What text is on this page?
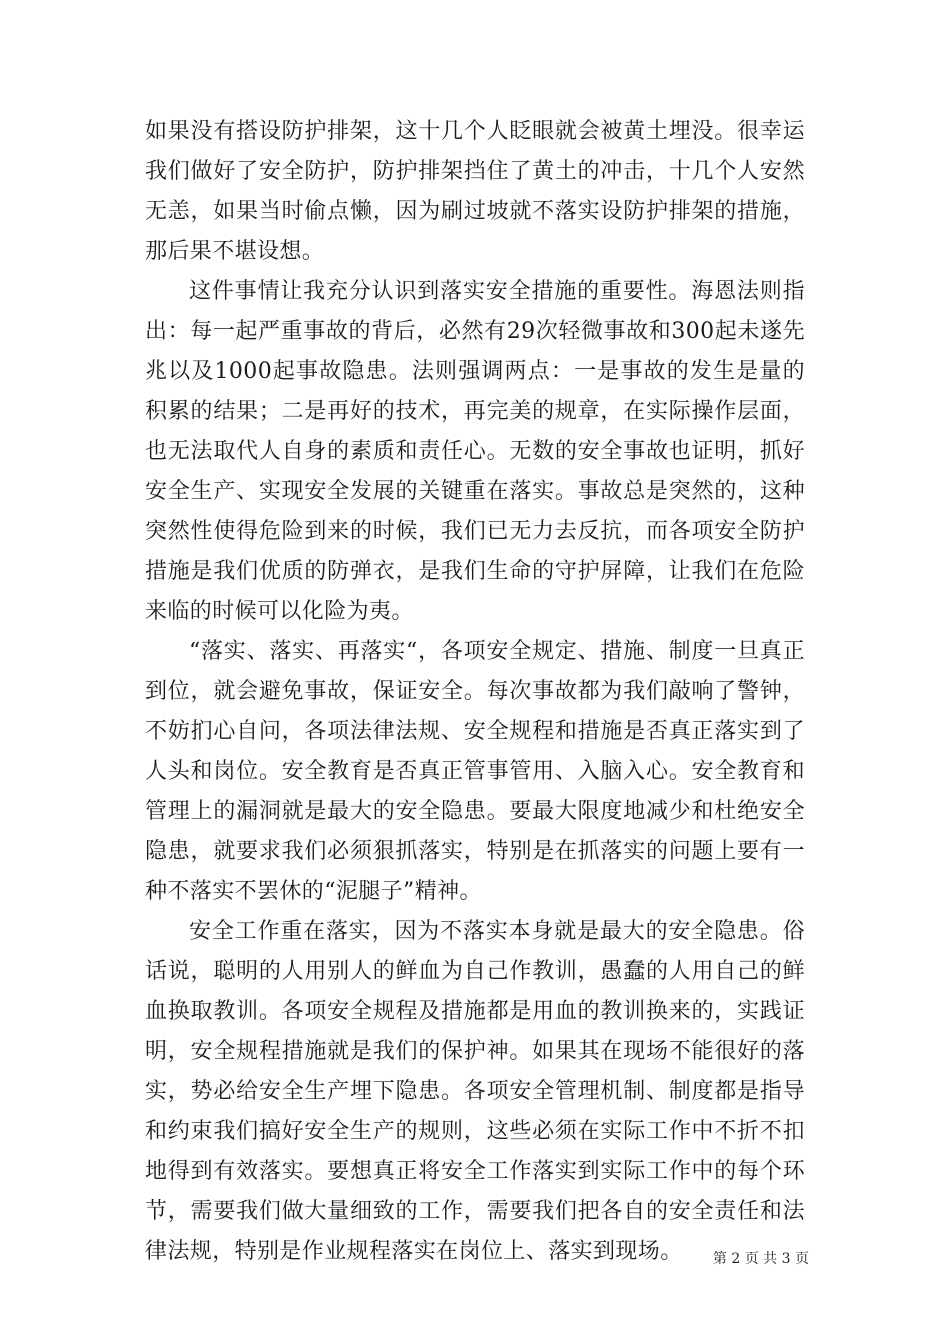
如果没有搭设防护排架，这十几个人眨眼就会被黄土埋没。很幸运我们做好了安全防护，防护排架挡住了黄土的冲击，十几个人安然无恙，如果当时偷点懒，因为刷过坡就不落实设防护排架的措施，那后果不堪设想。

这件事情让我充分认识到落实安全措施的重要性。海恩法则指出：每一起严重事故的背后，必然有29次轻微事故和300起未遂先兆以及1000起事故隐患。法则强调两点：一是事故的发生是量的积累的结果；二是再好的技术，再完美的规章，在实际操作层面，也无法取代人自身的素质和责任心。无数的安全事故也证明，抓好安全生产、实现安全发展的关键重在落实。事故总是突然的，这种突然性使得危险到来的时候，我们已无力去反抗，而各项安全防护措施是我们优质的防弹衣，是我们生命的守护屏障，让我们在危险来临的时候可以化险为夷。

“落实、落实、再落实“，各项安全规定、措施、制度一旦真正到位，就会避免事故，保证安全。每次事故都为我们敲响了警钟，不妨扪心自问，各项法律法规、安全规程和措施是否真正落实到了人头和岗位。安全教育是否真正管事管用、入脑入心。安全教育和管理上的漏洞就是最大的安全隐患。要最大限度地减少和杜绝安全隐患，就要求我们必须狠抓落实，特别是在抓落实的问题上要有一种不落实不罢休的“泥腿子”精神。

安全工作重在落实，因为不落实本身就是最大的安全隐患。俗话说，聪明的人用别人的鲜血为自己作教训，愚蠢的人用自己的鲜血换取教训。各项安全规程及措施都是用血的教训换来的，实践证明，安全规程措施就是我们的保护神。如果其在现场不能很好的落实，势必给安全生产埋下隐患。各项安全管理机制、制度都是指导和约束我们搞好安全生产的规则，这些必须在实际工作中不折不扣地得到有效落实。要想真正将安全工作落实到实际工作中的每个环节，需要我们做大量细致的工作，需要我们把各自的安全责任和法律法规，特别是作业规程落实在岗位上、落实到现场。	第 2 页 共 3 页
